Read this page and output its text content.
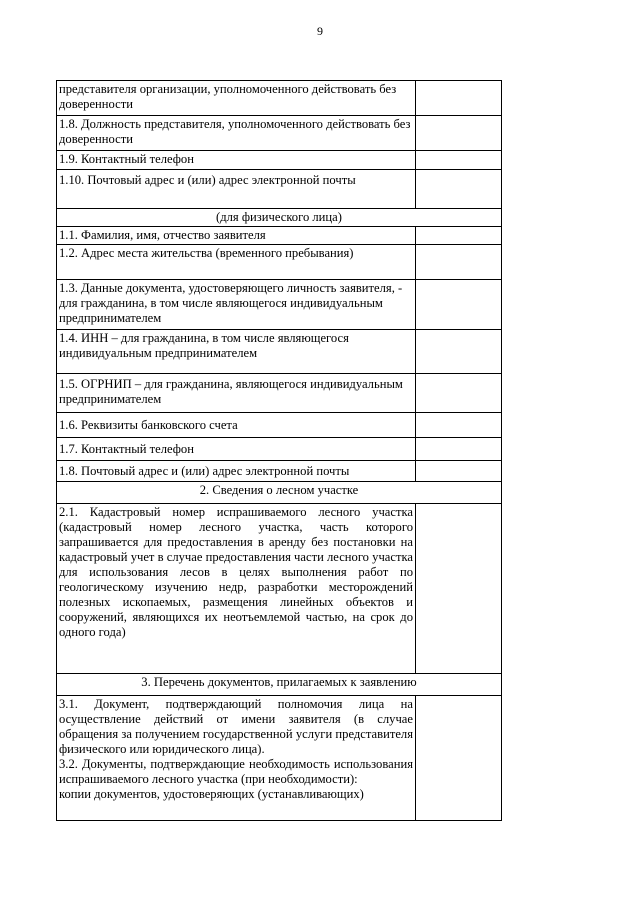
9
представителя организации, уполномоченного действовать без доверенности	
1.8. Должность представителя, уполномоченного действовать без доверенности	
1.9. Контактный телефон	
1.10. Почтовый адрес и (или) адрес электронной почты	
(для физического лица)	
1.1. Фамилия, имя, отчество заявителя	
1.2. Адрес места жительства (временного пребывания)	
1.3. Данные документа, удостоверяющего личность заявителя, - для гражданина, в том числе являющегося индивидуальным предпринимателем	
1.4. ИНН – для гражданина, в том числе являющегося индивидуальным предпринимателем	
1.5. ОГРНИП – для гражданина, являющегося индивидуальным предпринимателем	
1.6. Реквизиты банковского счета	
1.7. Контактный телефон	
1.8. Почтовый адрес и (или) адрес электронной почты	
2. Сведения о лесном участке	
2.1. Кадастровый номер испрашиваемого лесного участка (кадастровый номер лесного участка, часть которого запрашивается для предоставления в аренду без постановки на кадастровый учет в случае предоставления части лесного участка для использования лесов в целях выполнения работ по геологическому изучению недр, разработки месторождений полезных ископаемых, размещения линейных объектов и сооружений, являющихся их неотъемлемой частью, на срок до одного года)	
3. Перечень документов, прилагаемых к заявлению	

3.1. Документ, подтверждающий полномочия лица на осуществление действий от имени заявителя (в случае обращения за получением государственной услуги представителя физического или юридического лица).
3.2. Документы, подтверждающие необходимость использования испрашиваемого лесного участка (при необходимости):
копии документов, удостоверяющих (устанавливающих)	
